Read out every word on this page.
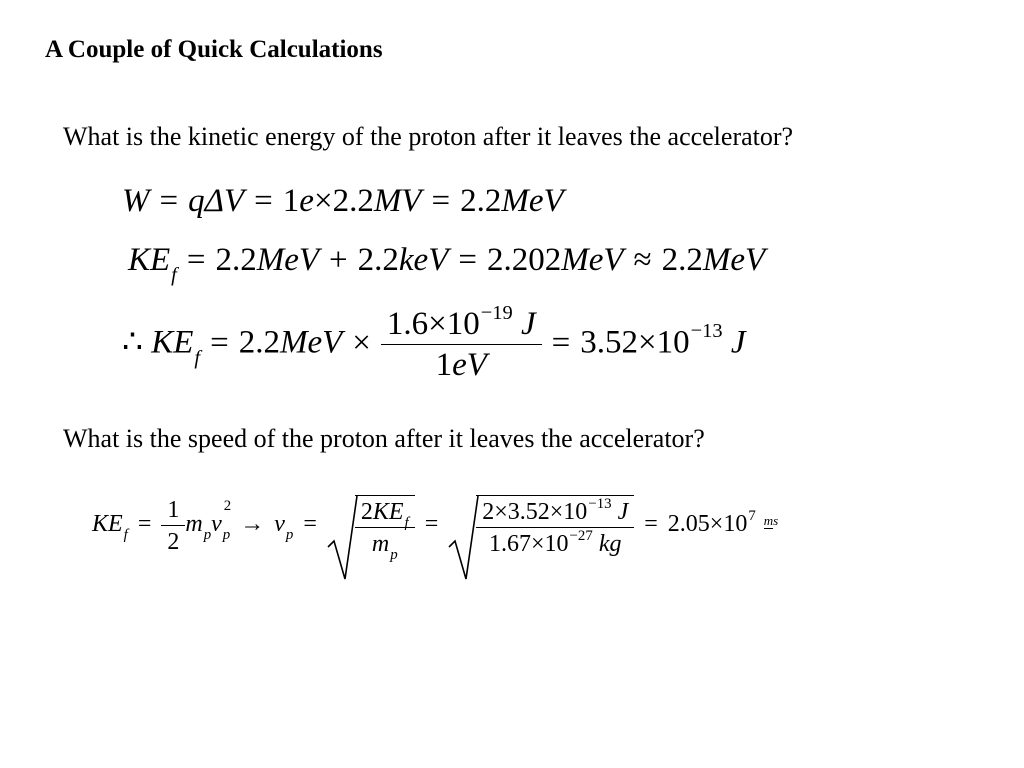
A Couple of Quick Calculations
What is the kinetic energy of the proton after it leaves the accelerator?
W = qΔV = 1e×2.2MV = 2.2MeV
$KE_f = 2.2MeV + 2.2keV = 2.202MeV \approx 2.2MeV$
∴ $KE_f = 2.2MeV \times \frac{1.6\times 10^{-19} J}{1eV} = 3.52\times 10^{-13}$ J
What is the speed of the proton after it leaves the accelerator?
$KE_f = \frac{1}{2} m_pv$
2
$_p \to v_p = \frac{2KE_f}{m_p} = \frac{2\times 3.52\times 10^{-13} J}{1.67\times 10^{-27} kg} = 2.05\times 10^7$ ms
